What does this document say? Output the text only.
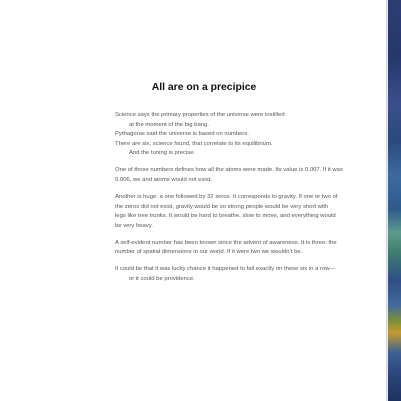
All are on a precipice

Science says the primary properties of the universe were instilled
at the moment of the big bang.
Pythagoras said the universe is based on numbers.
There are six, science found, that correlate to its equilibrium.
And the tuning is precise.

One of those numbers defines how all the atoms were made. Its value is 0.007. If it was
0.006, we and atoms would not exist.

Another is huge: a one followed by 32 zeros. It corresponds to gravity. If one or two of
the zeros did not exist, gravity would be so strong people would be very short with
legs like tree trunks. It would be hard to breathe, slow to move, and everything would
be very heavy.

A self-evident number has been known since the advent of awareness. It is three: the
number of spatial dimensions in our world. If it were two we wouldn’t be.

It could be that it was lucky chance it happened to fall exactly on these six in a row—
or it could be providence.
